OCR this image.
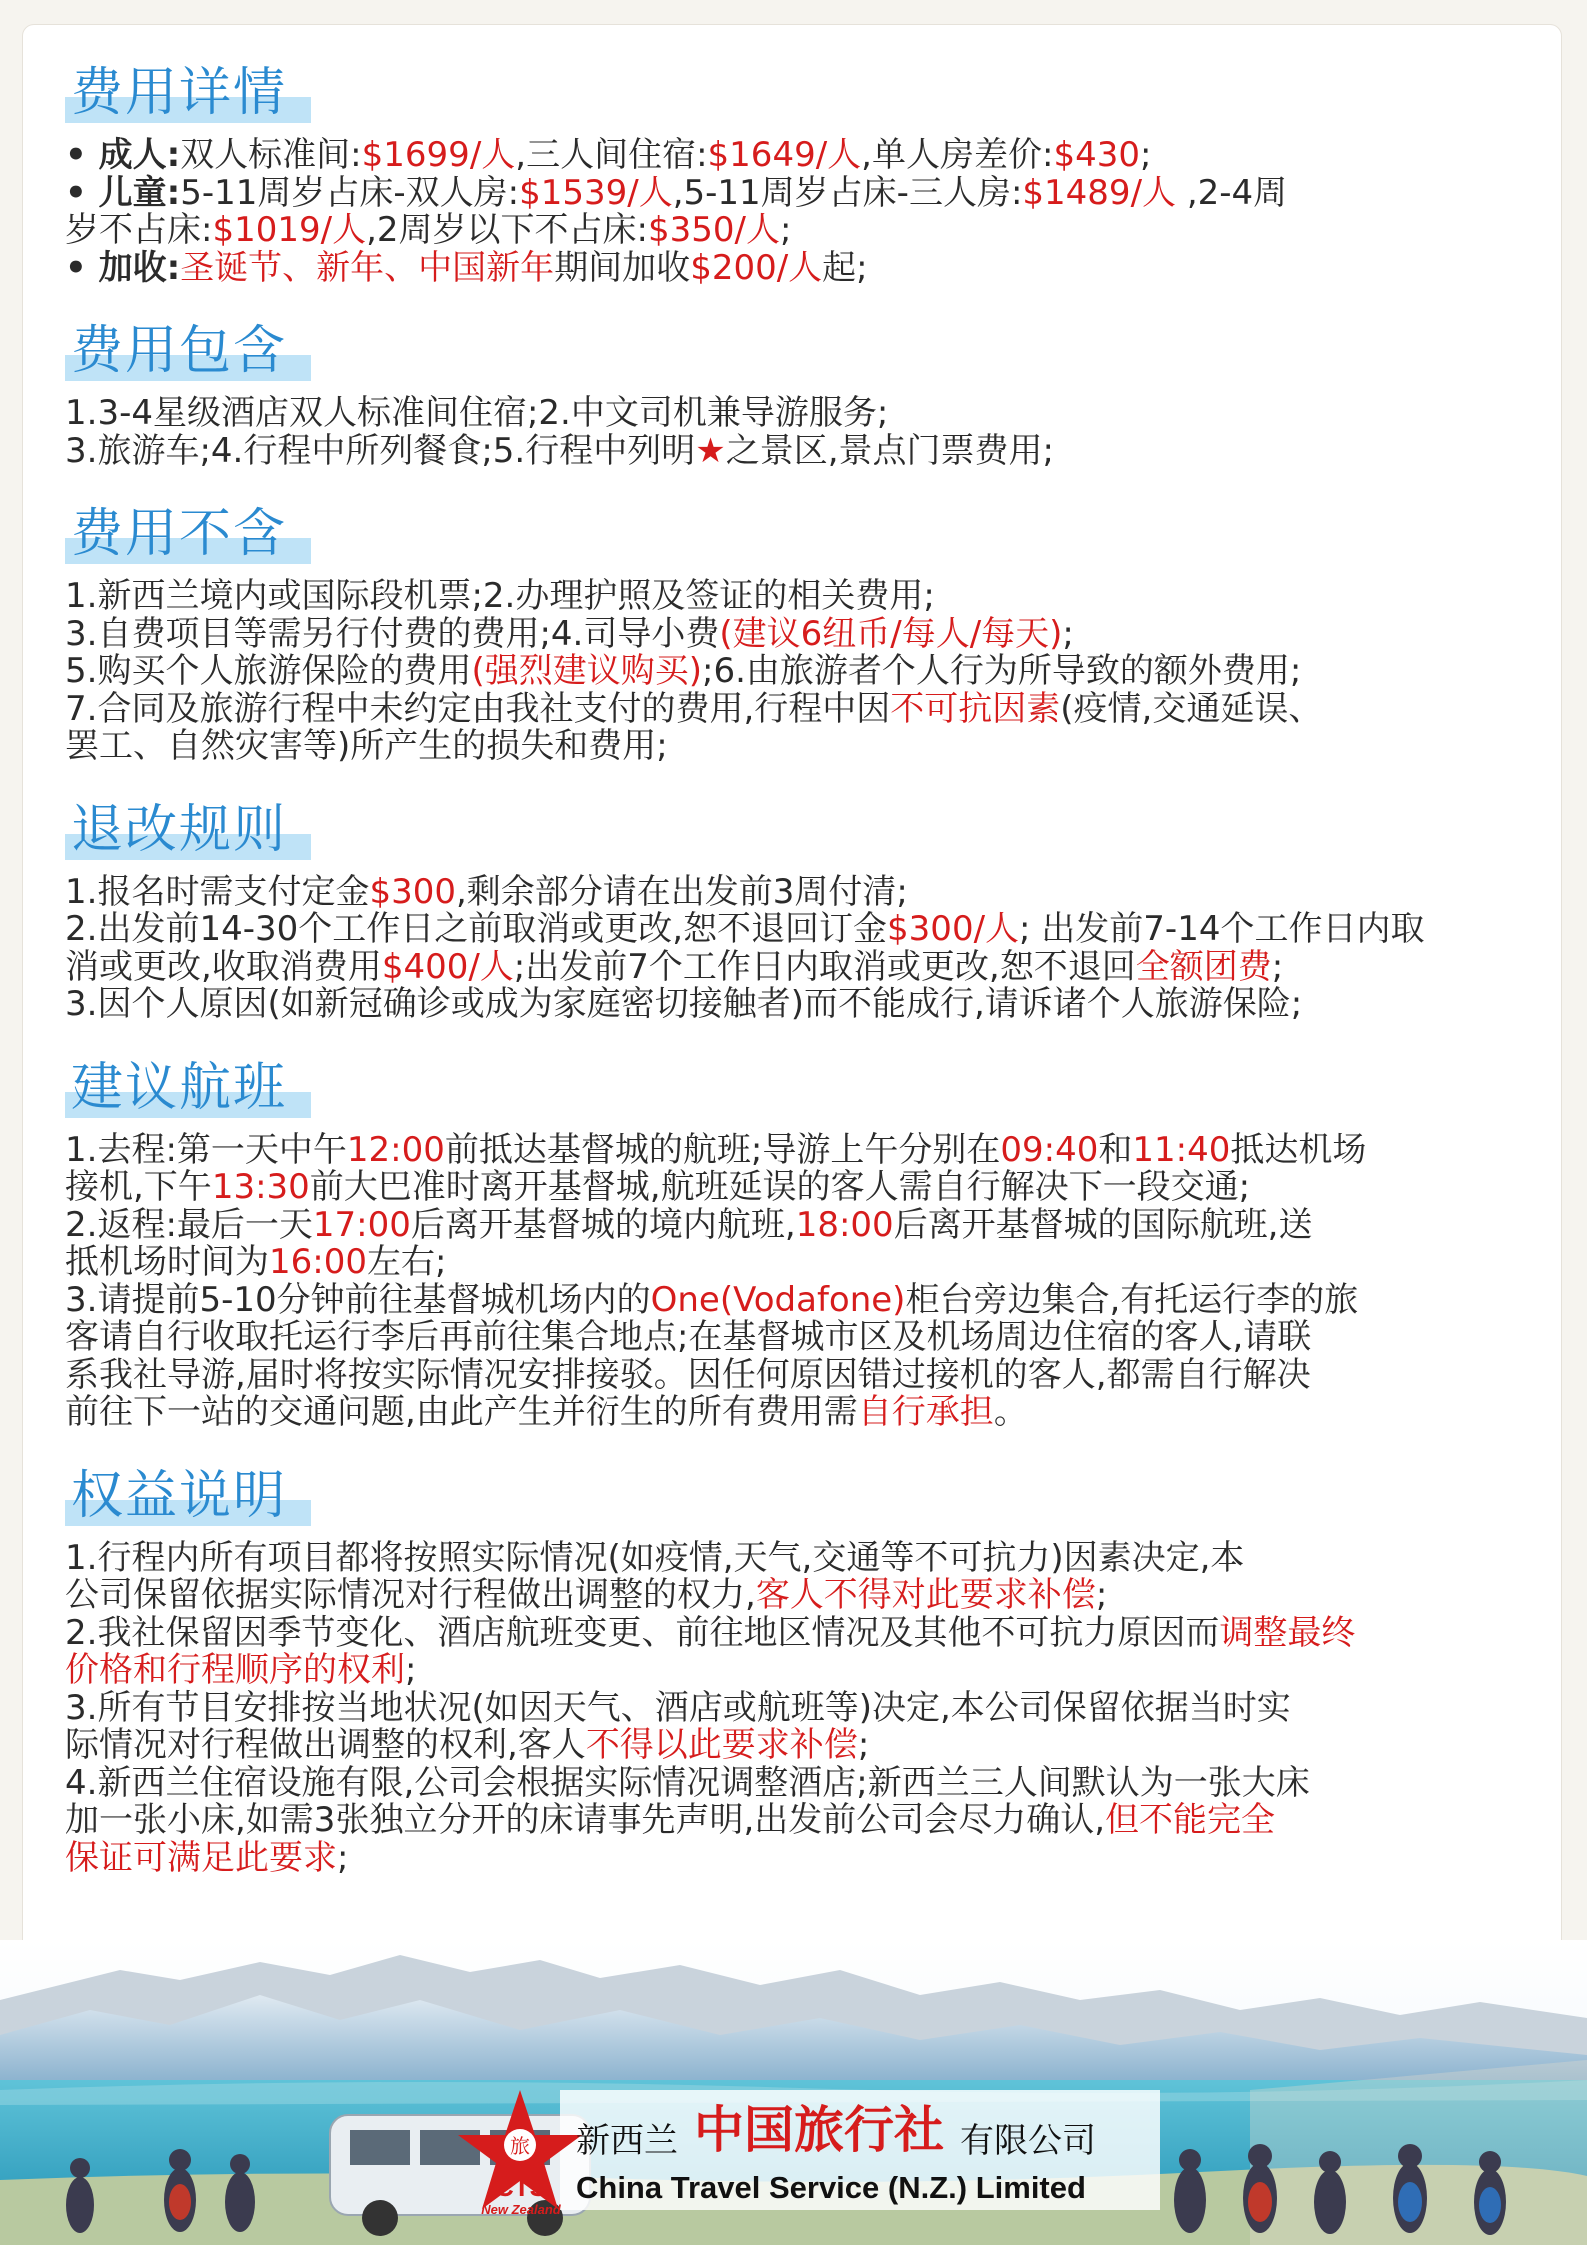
费用详情
• 成人:双人标准间:$1699/人,三人间住宿:$1649/人,单人房差价:$430;
• 儿童:5-11周岁占床-双人房:$1539/人,5-11周岁占床-三人房:$1489/人 ,2-4周
岁不占床:$1019/人,2周岁以下不占床:$350/人;
• 加收:圣诞节、新年、中国新年期间加收$200/人起;
费用包含
1.3-4星级酒店双人标准间住宿;2.中文司机兼导游服务;
3.旅游车;4.行程中所列餐食;5.行程中列明★之景区,景点门票费用;
费用不含
1.新西兰境内或国际段机票;2.办理护照及签证的相关费用;
3.自费项目等需另行付费的费用;4.司导小费(建议6纽币/每人/每天);
5.购买个人旅游保险的费用(强烈建议购买);6.由旅游者个人行为所导致的额外费用;
7.合同及旅游行程中未约定由我社支付的费用,行程中因不可抗因素(疫情,交通延误、
罢工、自然灾害等)所产生的损失和费用;
退改规则
1.报名时需支付定金$300,剩余部分请在出发前3周付清;
2.出发前14-30个工作日之前取消或更改,恕不退回订金$300/人; 出发前7-14个工作日内取
消或更改,收取消费用$400/人;出发前7个工作日内取消或更改,恕不退回全额团费;
3.因个人原因(如新冠确诊或成为家庭密切接触者)而不能成行,请诉诸个人旅游保险;
建议航班
1.去程:第一天中午12:00前抵达基督城的航班;导游上午分别在09:40和11:40抵达机场
接机,下午13:30前大巴准时离开基督城,航班延误的客人需自行解决下一段交通;
2.返程:最后一天17:00后离开基督城的境内航班,18:00后离开基督城的国际航班,送
抵机场时间为16:00左右;
3.请提前5-10分钟前往基督城机场内的One(Vodafone)柜台旁边集合,有托运行李的旅
客请自行收取托运行李后再前往集合地点;在基督城市区及机场周边住宿的客人,请联
系我社导游,届时将按实际情况安排接驳。因任何原因错过接机的客人,都需自行解决
前往下一站的交通问题,由此产生并衍生的所有费用需自行承担。
权益说明
1.行程内所有项目都将按照实际情况(如疫情,天气,交通等不可抗力)因素决定,本
公司保留依据实际情况对行程做出调整的权力,客人不得对此要求补偿;
2.我社保留因季节变化、酒店航班变更、前往地区情况及其他不可抗力原因而调整最终
价格和行程顺序的权利;
3.所有节目安排按当地状况(如因天气、酒店或航班等)决定,本公司保留依据当时实
际情况对行程做出调整的权利,客人不得以此要求补偿;
4.新西兰住宿设施有限,公司会根据实际情况调整酒店;新西兰三人间默认为一张大床
加一张小床,如需3张独立分开的床请事先声明,出发前公司会尽力确认,但不能完全
保证可满足此要求;
旅
CTS
New Zealand
新西兰 中国旅行社 有限公司
China Travel Service (N.Z.) Limited
